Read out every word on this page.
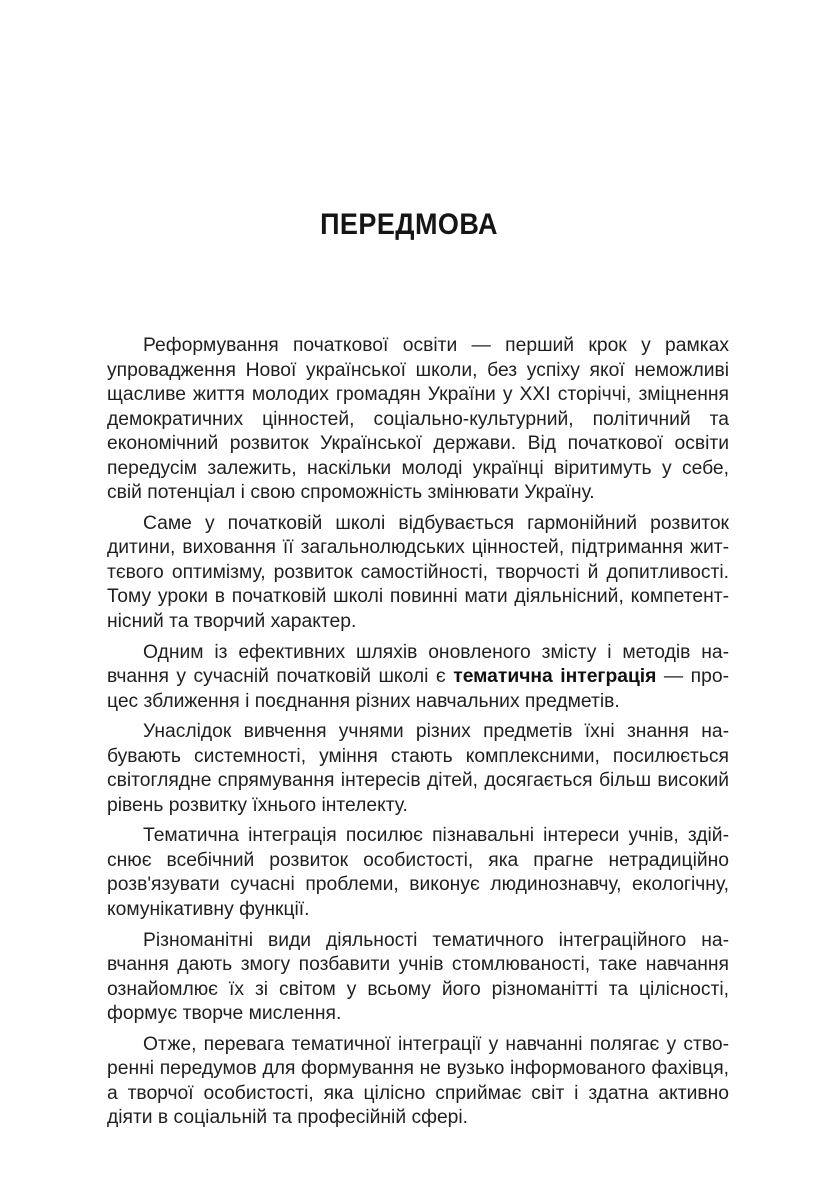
ПЕРЕДМОВА

Реформування початкової освіти — перший крок у рамках упровадження Нової української школи, без успіху якої неможливі щасливе життя молодих громадян України у ХХІ сторіччі, зміцнення демократичних цінностей, соціально-культурний, політичний та економічний розвиток Української держави. Від початкової освіти передусім залежить, наскільки молоді українці віритимуть у себе, свій потенціал і свою спроможність змінювати Україну.

Саме у початковій школі відбувається гармонійний розвиток дитини, виховання її загальнолюдських цінностей, підтримання життєвого оптимізму, розвиток самостійності, творчості й допитливості. Тому уроки в початковій школі повинні мати діяльнісний, компетентнісний та творчий характер.

Одним із ефективних шляхів оновленого змісту і методів навчання у сучасній початковій школі є тематична інтеграція — процес зближення і поєднання різних навчальних предметів.

Унаслідок вивчення учнями різних предметів їхні знання набувають системності, уміння стають комплексними, посилюється світоглядне спрямування інтересів дітей, досягається більш високий рівень розвитку їхнього інтелекту.

Тематична інтеграція посилює пізнавальні інтереси учнів, здійснює всебічний розвиток особистості, яка прагне нетрадиційно розв'язувати сучасні проблеми, виконує людинознавчу, екологічну, комунікативну функції.

Різноманітні види діяльності тематичного інтеграційного навчання дають змогу позбавити учнів стомлюваності, таке навчання ознайомлює їх зі світом у всьому його різноманітті та цілісності, формує творче мислення.

Отже, перевага тематичної інтеграції у навчанні полягає у створенні передумов для формування не вузько інформованого фахівця, а творчої особистості, яка цілісно сприймає світ і здатна активно діяти в соціальній та професійній сфері.
